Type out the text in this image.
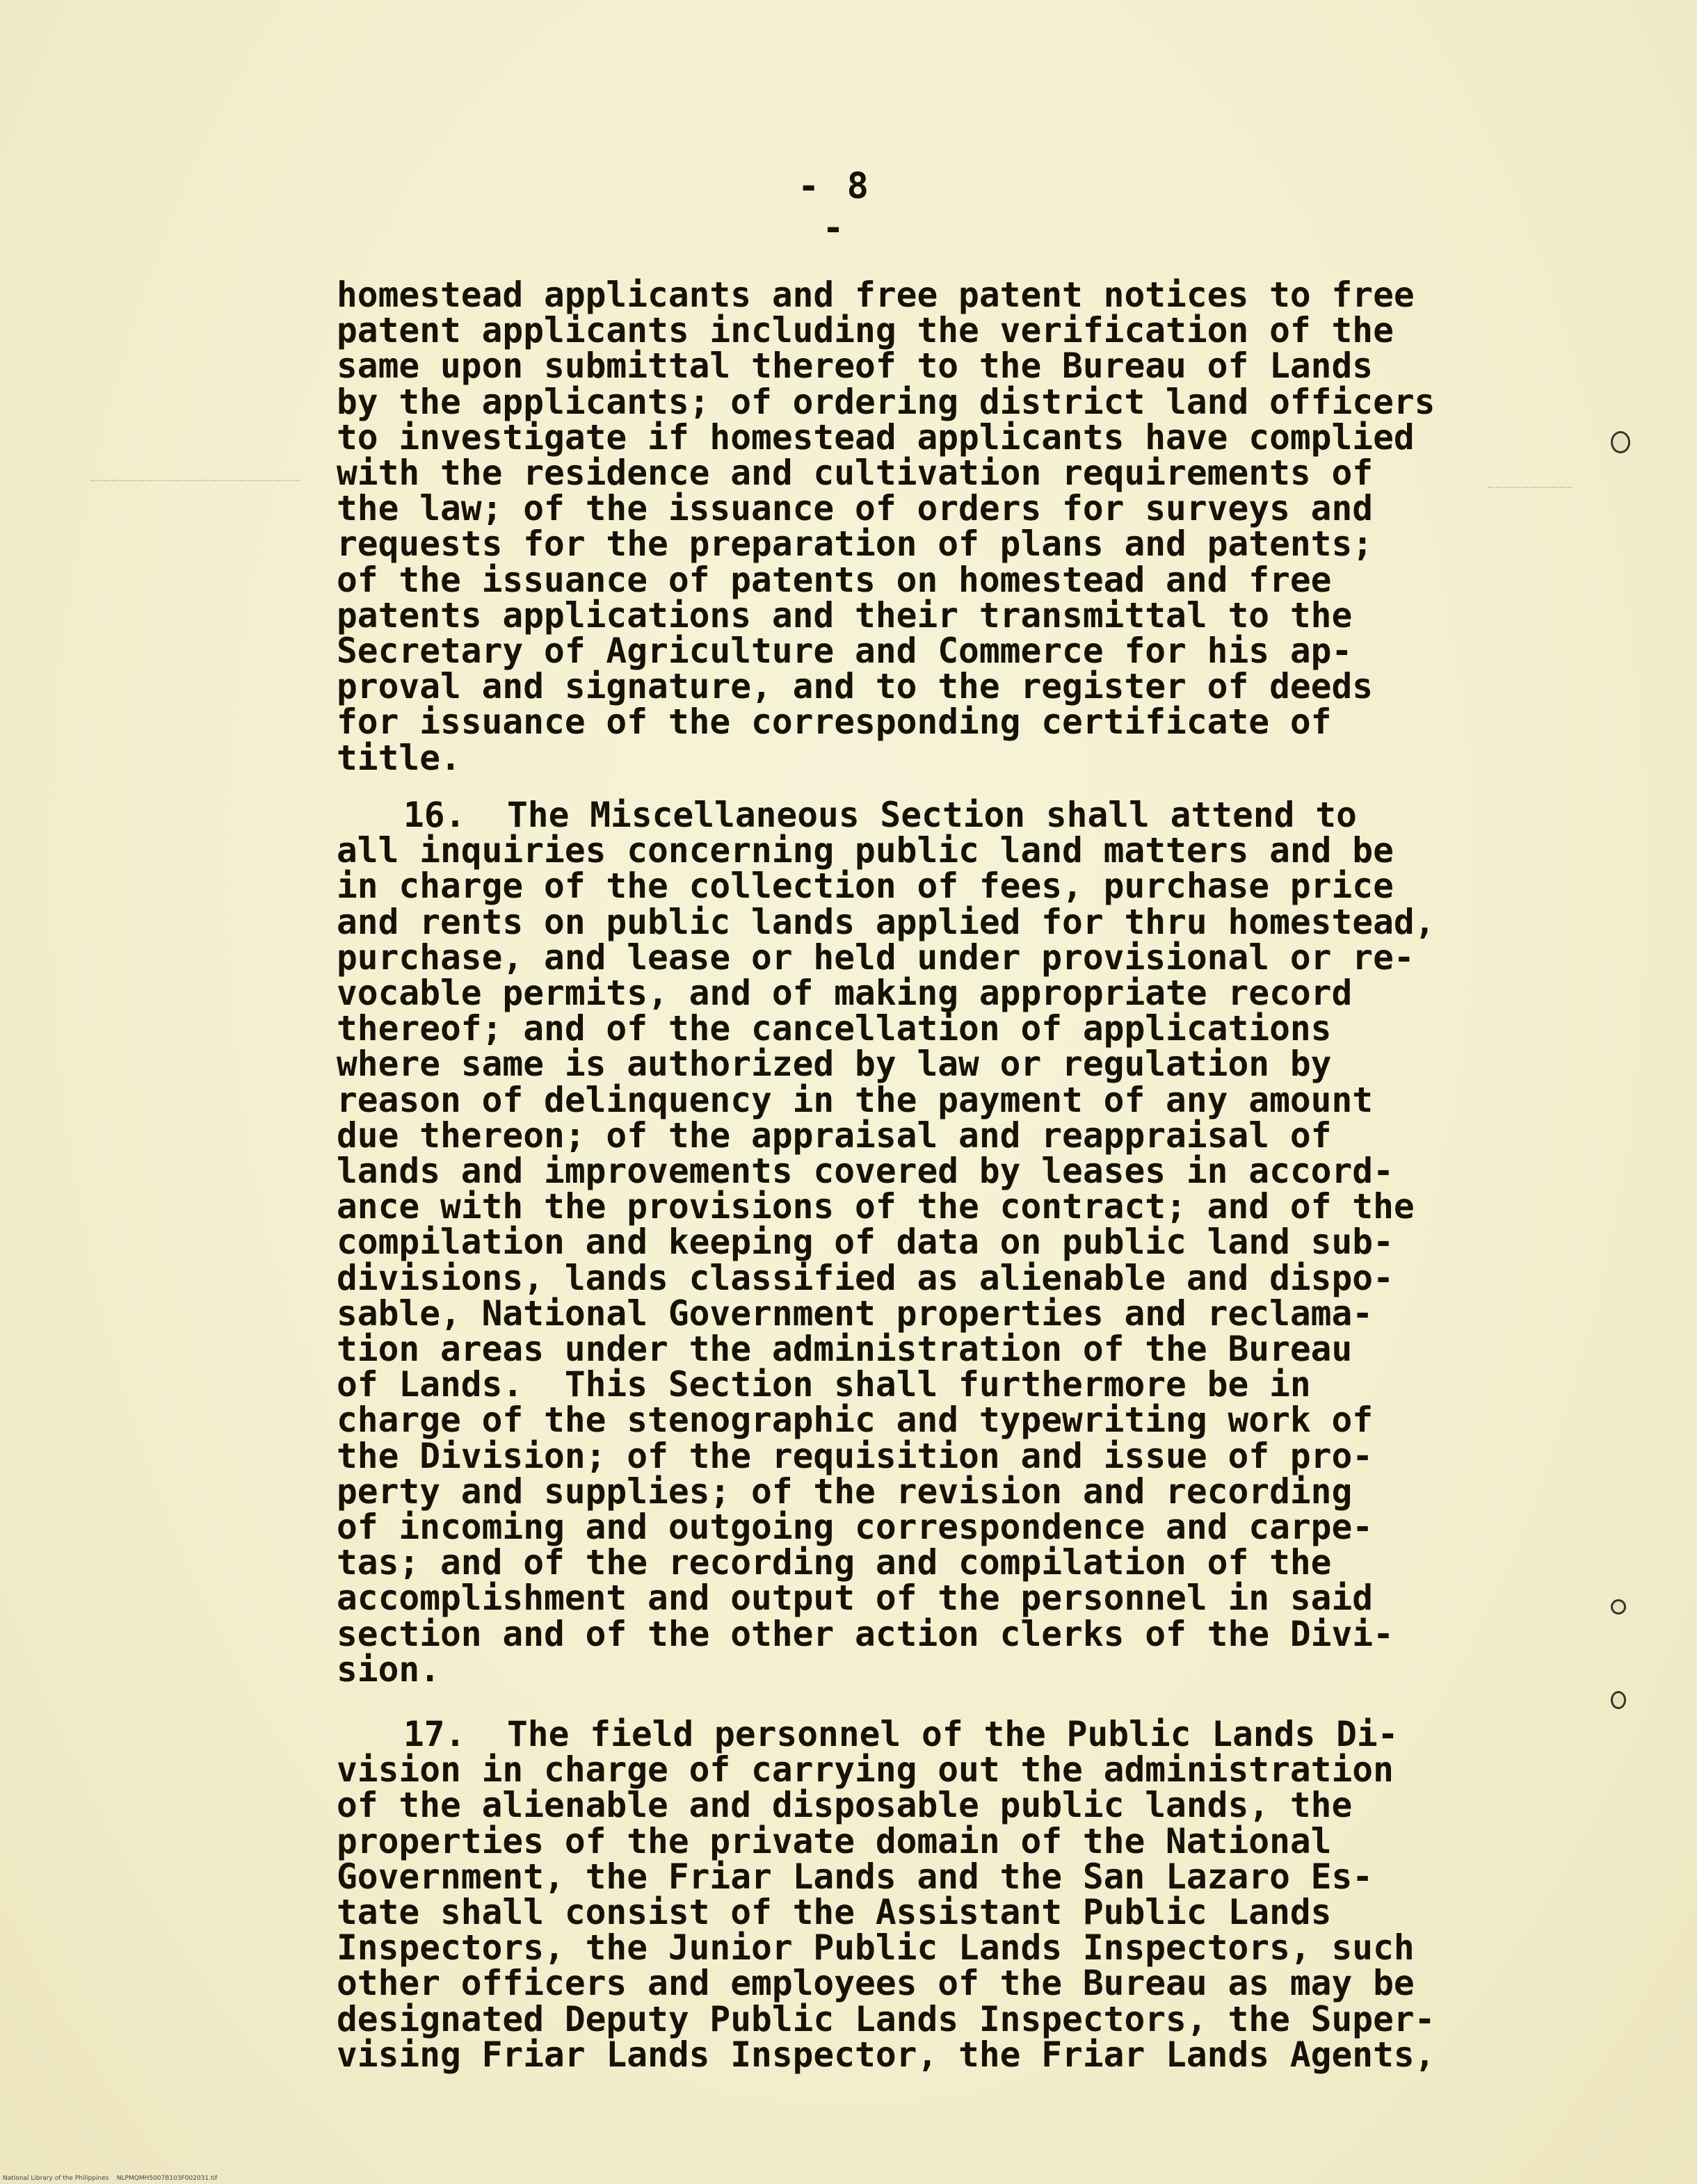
- 8 -
homestead applicants and free patent notices to free
patent applicants including the verification of the
same upon submittal thereof to the Bureau of Lands
by the applicants; of ordering district land officers
to investigate if homestead applicants have complied
with the residence and cultivation requirements of
the law; of the issuance of orders for surveys and
requests for the preparation of plans and patents;
of the issuance of patents on homestead and free
patents applications and their transmittal to the
Secretary of Agriculture and Commerce for his ap-
proval and signature, and to the register of deeds
for issuance of the corresponding certificate of
title.
16.  The Miscellaneous Section shall attend to
all inquiries concerning public land matters and be
in charge of the collection of fees, purchase price
and rents on public lands applied for thru homestead,
purchase, and lease or held under provisional or re-
vocable permits, and of making appropriate record
thereof; and of the cancellation of applications
where same is authorized by law or regulation by
reason of delinquency in the payment of any amount
due thereon; of the appraisal and reappraisal of
lands and improvements covered by leases in accord-
ance with the provisions of the contract; and of the
compilation and keeping of data on public land sub-
divisions, lands classified as alienable and dispo-
sable, National Government properties and reclama-
tion areas under the administration of the Bureau
of Lands.  This Section shall furthermore be in
charge of the stenographic and typewriting work of
the Division; of the requisition and issue of pro-
perty and supplies; of the revision and recording
of incoming and outgoing correspondence and carpe-
tas; and of the recording and compilation of the
accomplishment and output of the personnel in said
section and of the other action clerks of the Divi-
sion.
17.  The field personnel of the Public Lands Di-
vision in charge of carrying out the administration
of the alienable and disposable public lands, the
properties of the private domain of the National
Government, the Friar Lands and the San Lazaro Es-
tate shall consist of the Assistant Public Lands
Inspectors, the Junior Public Lands Inspectors, such
other officers and employees of the Bureau as may be
designated Deputy Public Lands Inspectors, the Super-
vising Friar Lands Inspector, the Friar Lands Agents,
National Library of the Philippines    NLPMQMH5007B103F002031.tif
